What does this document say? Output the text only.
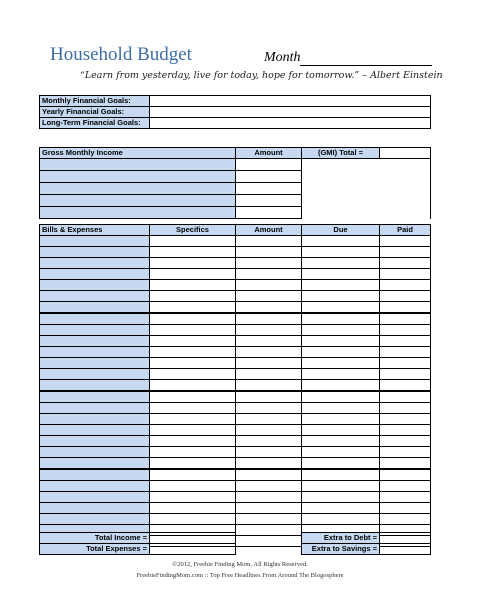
Household Budget	Month
“Learn from yesterday, live for today, hope for tomorrow.” – Albert Einstein
Monthly Financial Goals:	
Yearly Financial Goals:	
Long-Term Financial Goals:	
Gross Monthly Income	Amount	(GMI) Total =	

Bills & Expenses	Specifics	Amount	Due	Paid

Total Income =			Extra to Debt =	
Total Expenses =			Extra to Savings =	
©2012, Freebie Finding Mom, All Rights Reserved.
FreebieFindingMom.com :: Top Free Headlines From Around The Blogosphere
